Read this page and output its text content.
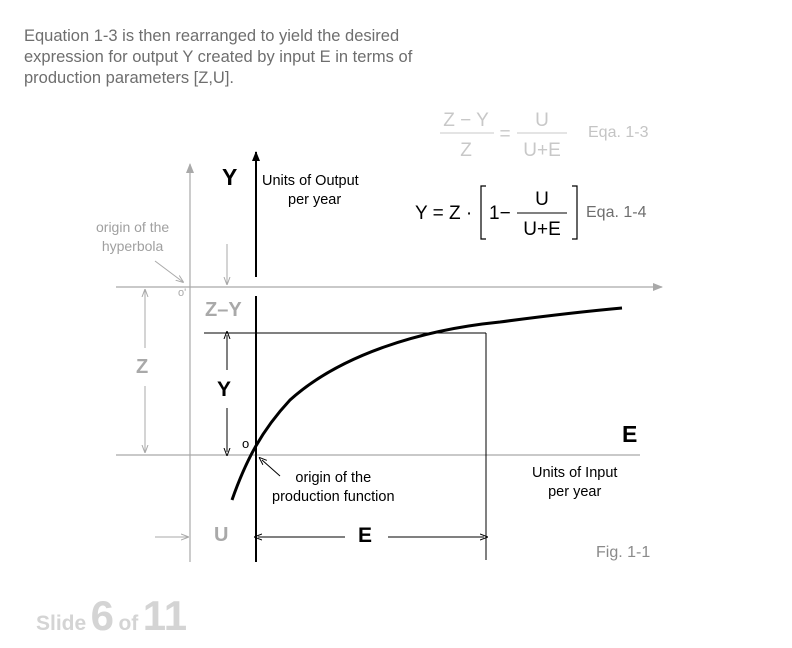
Equation 1-3 is then rearranged to yield the desired
expression for output Y created by input E in terms of
production parameters [Z,U].
Z − Y
Z
=
U
U+E
Y = Z · 1−
U
U+E
Y Units of Output
per year
E
Units of Input
per year
origin of the
production function
origin of the
hyperbola
o
o'
Z–Y
Z
Y
U	E
Eqa. 1-3
Eqa. 1-4
Fig. 1-1
Slide 6 of 11
